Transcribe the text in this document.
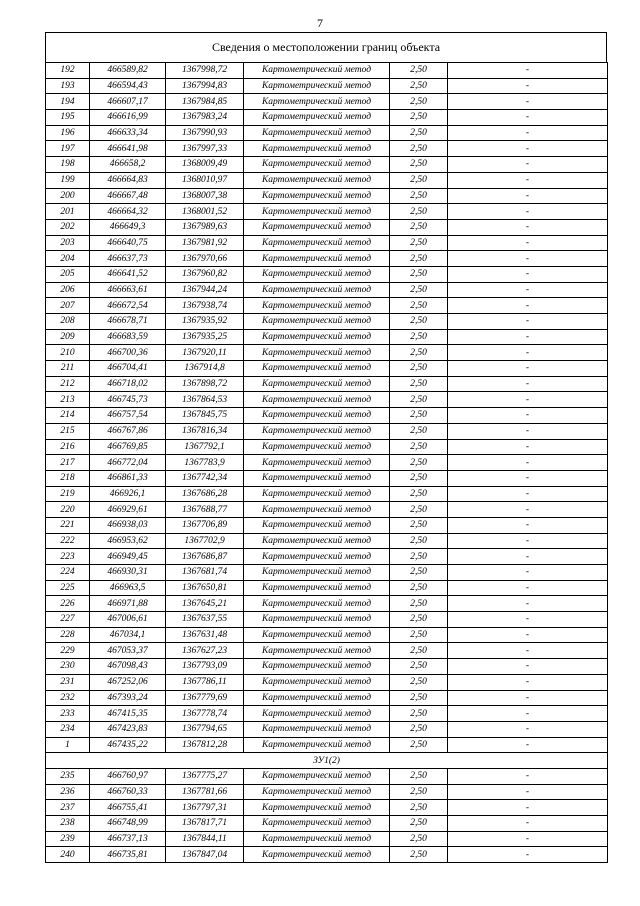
7
Сведения о местоположении границ объекта
192	466589,82	1367998,72	Картометрический метод	2,50	-
193	466594,43	1367994,83	Картометрический метод	2,50	-
194	466607,17	1367984,85	Картометрический метод	2,50	-
195	466616,99	1367983,24	Картометрический метод	2,50	-
196	466633,34	1367990,93	Картометрический метод	2,50	-
197	466641,98	1367997,33	Картометрический метод	2,50	-
198	466658,2	1368009,49	Картометрический метод	2,50	-
199	466664,83	1368010,97	Картометрический метод	2,50	-
200	466667,48	1368007,38	Картометрический метод	2,50	-
201	466664,32	1368001,52	Картометрический метод	2,50	-
202	466649,3	1367989,63	Картометрический метод	2,50	-
203	466640,75	1367981,92	Картометрический метод	2,50	-
204	466637,73	1367970,66	Картометрический метод	2,50	-
205	466641,52	1367960,82	Картометрический метод	2,50	-
206	466663,61	1367944,24	Картометрический метод	2,50	-
207	466672,54	1367938,74	Картометрический метод	2,50	-
208	466678,71	1367935,92	Картометрический метод	2,50	-
209	466683,59	1367935,25	Картометрический метод	2,50	-
210	466700,36	1367920,11	Картометрический метод	2,50	-
211	466704,41	1367914,8	Картометрический метод	2,50	-
212	466718,02	1367898,72	Картометрический метод	2,50	-
213	466745,73	1367864,53	Картометрический метод	2,50	-
214	466757,54	1367845,75	Картометрический метод	2,50	-
215	466767,86	1367816,34	Картометрический метод	2,50	-
216	466769,85	1367792,1	Картометрический метод	2,50	-
217	466772,04	1367783,9	Картометрический метод	2,50	-
218	466861,33	1367742,34	Картометрический метод	2,50	-
219	466926,1	1367686,28	Картометрический метод	2,50	-
220	466929,61	1367688,77	Картометрический метод	2,50	-
221	466938,03	1367706,89	Картометрический метод	2,50	-
222	466953,62	1367702,9	Картометрический метод	2,50	-
223	466949,45	1367686,87	Картометрический метод	2,50	-
224	466930,31	1367681,74	Картометрический метод	2,50	-
225	466963,5	1367650,81	Картометрический метод	2,50	-
226	466971,88	1367645,21	Картометрический метод	2,50	-
227	467006,61	1367637,55	Картометрический метод	2,50	-
228	467034,1	1367631,48	Картометрический метод	2,50	-
229	467053,37	1367627,23	Картометрический метод	2,50	-
230	467098,43	1367793,09	Картометрический метод	2,50	-
231	467252,06	1367786,11	Картометрический метод	2,50	-
232	467393,24	1367779,69	Картометрический метод	2,50	-
233	467415,35	1367778,74	Картометрический метод	2,50	-
234	467423,83	1367794,65	Картометрический метод	2,50	-
1	467435,22	1367812,28	Картометрический метод	2,50	-
ЗУ1(2)					
235	466760,97	1367775,27	Картометрический метод	2,50	-
236	466760,33	1367781,66	Картометрический метод	2,50	-
237	466755,41	1367797,31	Картометрический метод	2,50	-
238	466748,99	1367817,71	Картометрический метод	2,50	-
239	466737,13	1367844,11	Картометрический метод	2,50	-
240	466735,81	1367847,04	Картометрический метод	2,50	-
